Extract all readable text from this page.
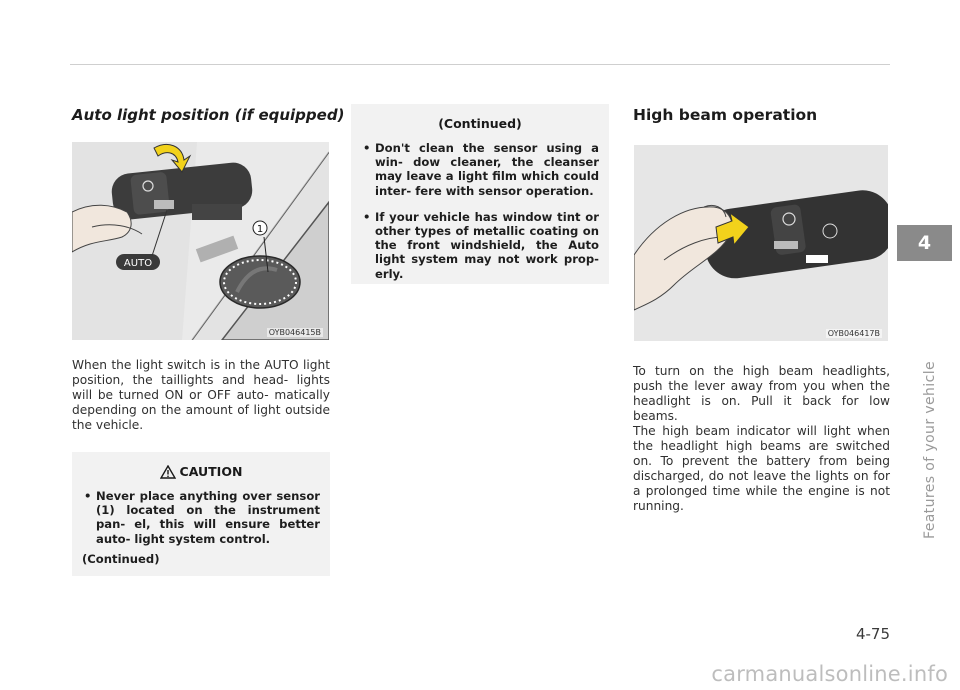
Auto light position (if equipped)
1
AUTO
OYB046415B

When the light switch is in the AUTO light position, the taillights and head- lights will be turned ON or OFF auto- matically depending on the amount of light outside the vehicle.

CAUTION
• Never place anything over sensor (1) located on the instrument pan- el, this will ensure better auto- light system control.
(Continued)
(Continued)
• Don't clean the sensor using a win- dow cleaner, the cleanser may leave a light film which could inter- fere with sensor operation.
• If your vehicle has window tint or other types of metallic coating on the front windshield, the Auto light system may not work prop- erly.
High beam operation
OYB046417B

To turn on the high beam headlights, push the lever away from you when the headlight is on. Pull it back for low beams.

The high beam indicator will light when the headlight high beams are switched on. To prevent the battery from being discharged, do not leave the lights on for a prolonged time while the engine is not running.

4
Features of your vehicle
4-75
carmanualsonline.info
